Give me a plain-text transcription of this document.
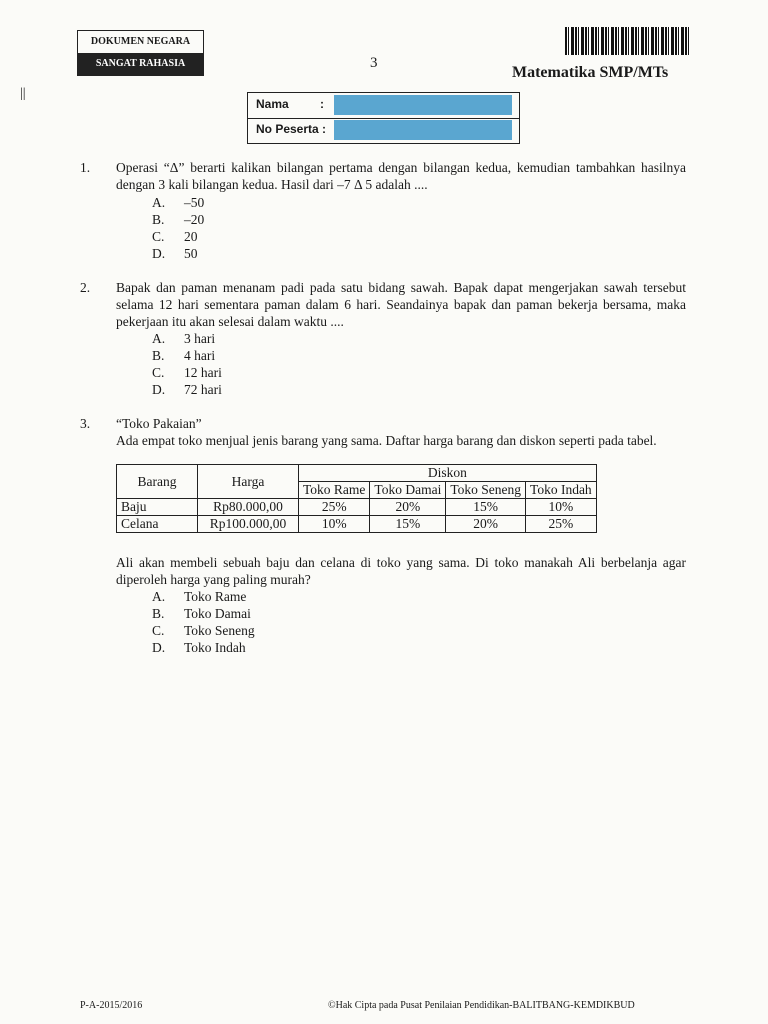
DOKUMEN NEGARA
SANGAT RAHASIA	3
Matematika SMP/MTs
||
Nama	:
No Peserta :
1. Operasi “Δ” berarti kalikan bilangan pertama dengan bilangan kedua, kemudian tambahkan hasilnya dengan 3 kali bilangan kedua. Hasil dari –7 Δ 5 adalah ....
A. –50
B. –20
C. 20
D. 50
2. Bapak dan paman menanam padi pada satu bidang sawah. Bapak dapat mengerjakan sawah tersebut selama 12 hari sementara paman dalam 6 hari. Seandainya bapak dan paman bekerja bersama, maka pekerjaan itu akan selesai dalam waktu ....
A. 3 hari
B. 4 hari
C. 12 hari
D. 72 hari
3. “Toko Pakaian”
Ada empat toko menjual jenis barang yang sama. Daftar harga barang dan diskon seperti pada tabel.
Barang	Harga	Diskon			
		Toko Rame	Toko Damai	Toko Seneng	Toko Indah
Baju	Rp80.000,00	25%	20%	15%	10%
Celana	Rp100.000,00	10%	15%	20%	25%
Ali akan membeli sebuah baju dan celana di toko yang sama. Di toko manakah Ali berbelanja agar diperoleh harga yang paling murah?
A. Toko Rame
B. Toko Damai
C. Toko Seneng
D. Toko Indah
P-A-2015/2016	©Hak Cipta pada Pusat Penilaian Pendidikan-BALITBANG-KEMDIKBUD
